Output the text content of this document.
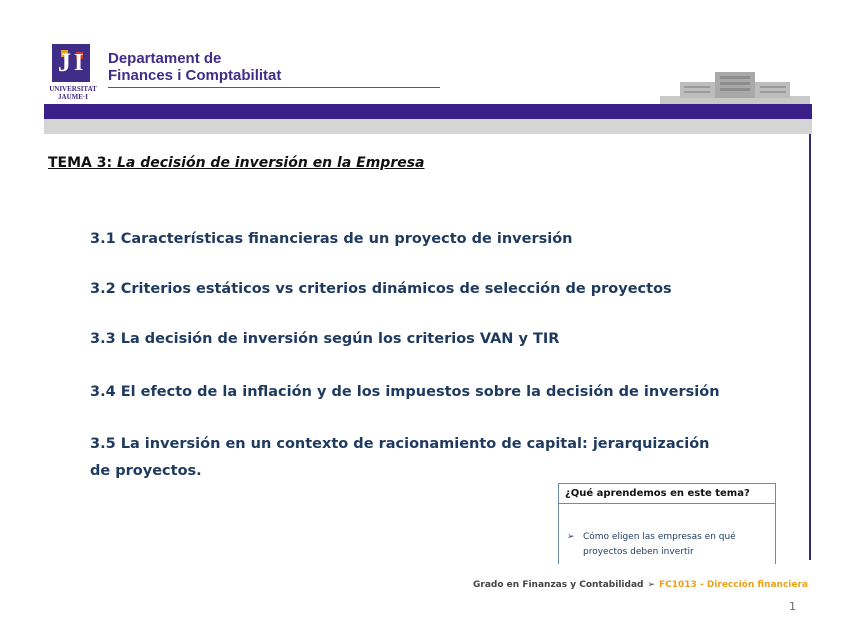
J I
UNIVERSITAT
JAUME·I
Departament de
Finances i Comptabilitat
TEMA 3: La decisión de inversión en la Empresa
3.1 Características financieras de un proyecto de inversión
3.2 Criterios estáticos vs criterios dinámicos de selección de proyectos
3.3 La decisión de inversión según los criterios VAN y TIR
3.4 El efecto de la inflación y de los impuestos sobre la decisión de inversión
3.5 La inversión en un contexto de racionamiento de capital: jerarquización
de proyectos.
¿Qué aprendemos en este tema?
➢ Cómo eligen las empresas en qué
proyectos deben invertir
Grado en Finanzas y Contabilidad ➢ FC1013 - Dirección financiera
1
